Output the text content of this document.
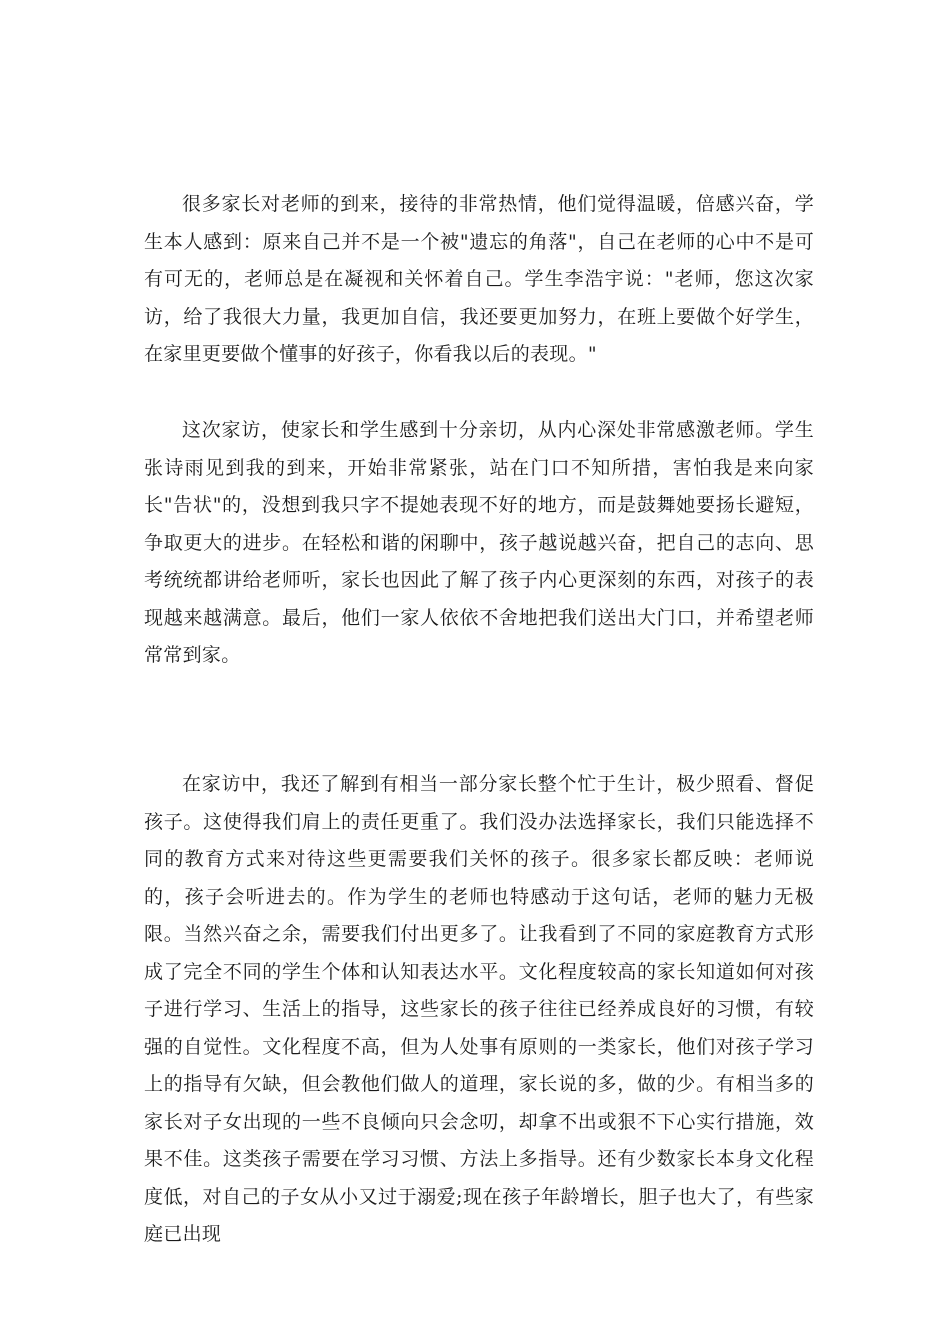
很多家长对老师的到来，接待的非常热情，他们觉得温暖，倍感兴奋，学生本人感到：原来自己并不是一个被"遗忘的角落"，自己在老师的心中不是可有可无的，老师总是在凝视和关怀着自己。学生李浩宇说："老师，您这次家访，给了我很大力量，我更加自信，我还要更加努力，在班上要做个好学生，在家里更要做个懂事的好孩子，你看我以后的表现。"

这次家访，使家长和学生感到十分亲切，从内心深处非常感激老师。学生张诗雨见到我的到来，开始非常紧张，站在门口不知所措，害怕我是来向家长"告状"的，没想到我只字不提她表现不好的地方，而是鼓舞她要扬长避短，争取更大的进步。在轻松和谐的闲聊中，孩子越说越兴奋，把自己的志向、思考统统都讲给老师听，家长也因此了解了孩子内心更深刻的东西，对孩子的表现越来越满意。最后，他们一家人依依不舍地把我们送出大门口，并希望老师常常到家。

在家访中，我还了解到有相当一部分家长整个忙于生计，极少照看、督促孩子。这使得我们肩上的责任更重了。我们没办法选择家长，我们只能选择不同的教育方式来对待这些更需要我们关怀的孩子。很多家长都反映：老师说的，孩子会听进去的。作为学生的老师也特感动于这句话，老师的魅力无极限。当然兴奋之余，需要我们付出更多了。让我看到了不同的家庭教育方式形成了完全不同的学生个体和认知表达水平。文化程度较高的家长知道如何对孩子进行学习、生活上的指导，这些家长的孩子往往已经养成良好的习惯，有较强的自觉性。文化程度不高，但为人处事有原则的一类家长，他们对孩子学习上的指导有欠缺，但会教他们做人的道理，家长说的多，做的少。有相当多的家长对子女出现的一些不良倾向只会念叨，却拿不出或狠不下心实行措施，效果不佳。这类孩子需要在学习习惯、方法上多指导。还有少数家长本身文化程度低，对自己的子女从小又过于溺爱;现在孩子年龄增长，胆子也大了，有些家庭已出现
